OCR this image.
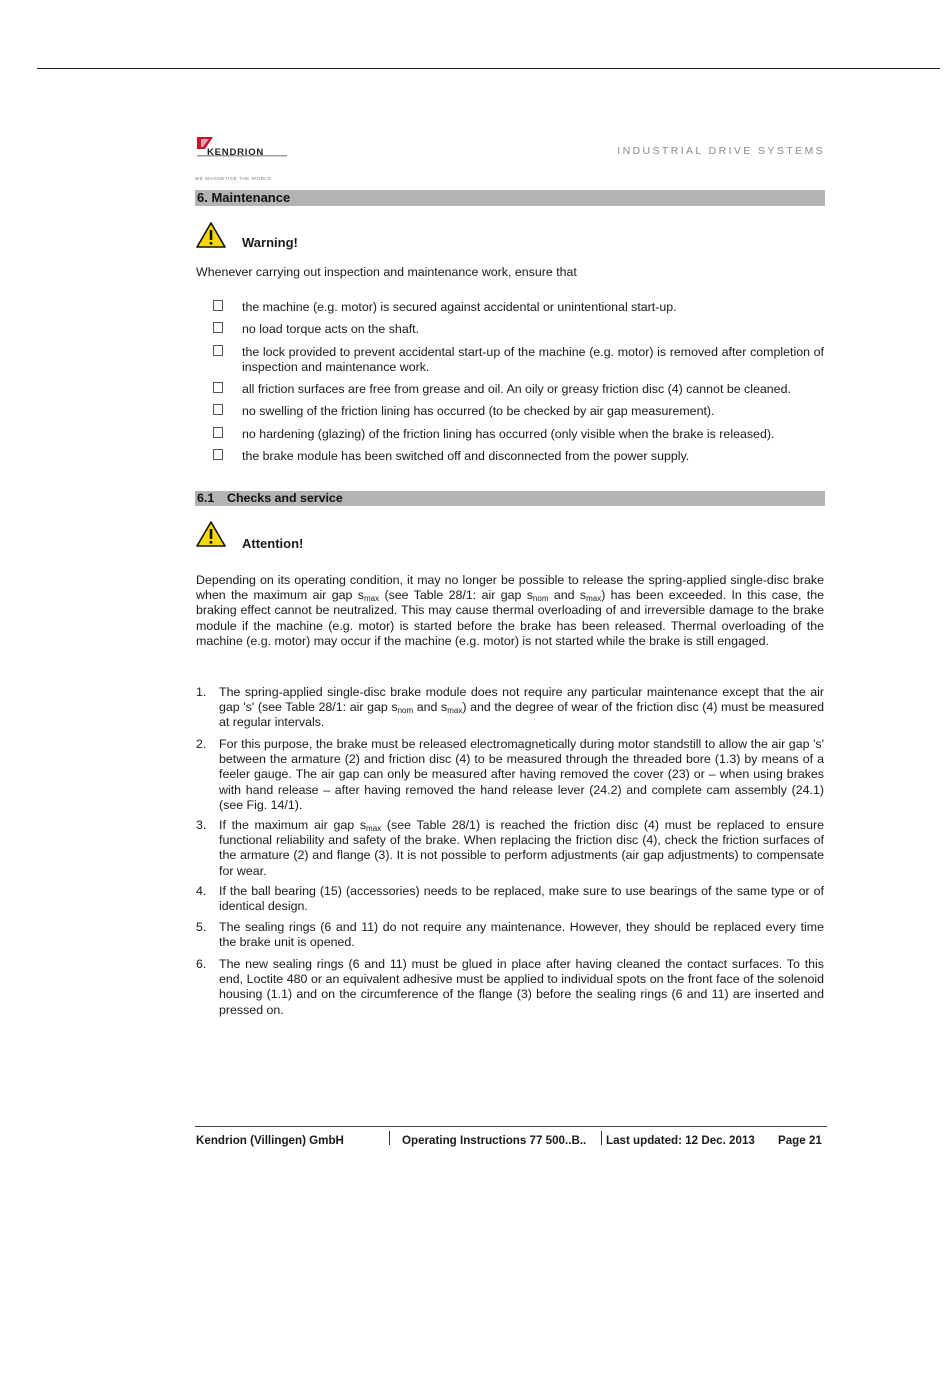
KENDRION
WE MAGNETISE THE WORLD
INDUSTRIAL DRIVE SYSTEMS
6. Maintenance
Warning!
Whenever carrying out inspection and maintenance work, ensure that
the machine (e.g. motor) is secured against accidental or unintentional start-up.
no load torque acts on the shaft.
the lock provided to prevent accidental start-up of the machine (e.g. motor) is removed after completion of inspection and maintenance work.
all friction surfaces are free from grease and oil. An oily or greasy friction disc (4) cannot be cleaned.
no swelling of the friction lining has occurred (to be checked by air gap measurement).
no hardening (glazing) of the friction lining has occurred (only visible when the brake is released).
the brake module has been switched off and disconnected from the power supply.
6.1 Checks and service
Attention!
Depending on its operating condition, it may no longer be possible to release the spring-applied single-disc brake when the maximum air gap $s_{max}$ (see Table 28/1: air gap $s_{nom}$ and $s_{max}$) has been exceeded. In this case, the braking effect cannot be neutralized. This may cause thermal overloading of and irreversible damage to the brake module if the machine (e.g. motor) is started before the brake has been released. Thermal overloading of the machine (e.g. motor) may occur if the machine (e.g. motor) is not started while the brake is still engaged.
1. The spring-applied single-disc brake module does not require any particular maintenance except that the air gap 's' (see Table 28/1: air gap $s_{nom}$ and $s_{max}$) and the degree of wear of the friction disc (4) must be measured at regular intervals.
2. For this purpose, the brake must be released electromagnetically during motor standstill to allow the air gap 's' between the armature (2) and friction disc (4) to be measured through the threaded bore (1.3) by means of a feeler gauge. The air gap can only be measured after having removed the cover (23) or – when using brakes with hand release – after having removed the hand release lever (24.2) and complete cam assembly (24.1) (see Fig. 14/1).
3. If the maximum air gap $s_{max}$ (see Table 28/1) is reached the friction disc (4) must be replaced to ensure functional reliability and safety of the brake. When replacing the friction disc (4), check the friction surfaces of the armature (2) and flange (3). It is not possible to perform adjustments (air gap adjustments) to compensate for wear.
4. If the ball bearing (15) (accessories) needs to be replaced, make sure to use bearings of the same type or of identical design.
5. The sealing rings (6 and 11) do not require any maintenance. However, they should be replaced every time the brake unit is opened.
6. The new sealing rings (6 and 11) must be glued in place after having cleaned the contact surfaces. To this end, Loctite 480 or an equivalent adhesive must be applied to individual spots on the front face of the solenoid housing (1.1) and on the circumference of the flange (3) before the sealing rings (6 and 11) are inserted and pressed on.
Kendrion (Villingen) GmbH	Operating Instructions 77 500..B.. Last updated: 12 Dec. 2013 Page 21
